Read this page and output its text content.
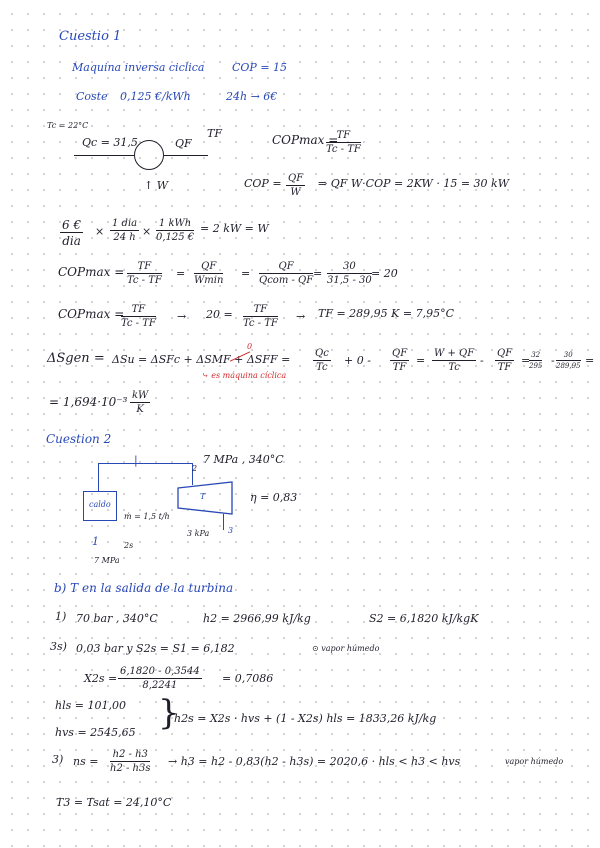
Cuestio 1
Maquina inversa ciclica	COP = 15
Coste 0,125 €/kWh	24h → 6€
Tc = 22°C
Qc = 31,5	QF
TF
↑ W
COPmax =
$\frac{TF}{Tc - TF}$
COP = $\frac{QF}{W}$ ⇒ QF W·COP = 2KW · 15 = 30 kW
6 €
dia
×
1 dia
24 h ×
1 kWh
0,125 €
= 2 kW = W
$COPmax = \frac{TF}{Tc - TF}$ =
QF
Wmin
=
QF
Qcom - QF
= $\frac{30}{31,5 - 30} = 20$
COPmax =
$\frac{TF}{Tc - TF} \to 20 = \frac{TF}{Tc - TF}$ → TF = 289,95 K = 7,95°C
ΔSgen = ΔSu = ΔSFc + ΔSMF + ΔSFF =
0
⤷ es máquina cíclica
$\frac{Qc}{Tc} + 0 - \frac{QF}{TF} = \frac{W + QF}{Tc} - \frac{QF}{TF}$ =
$\frac{32}{295} - \frac{30}{289,95}$ =
= $1,694\cdot 10^{-3} \frac{kW}{K}$
Cuestion 2
|
2
7 MPa , 340°C
caldo
T	η = 0,83
ṁ = 1,5 t/h
3 kPa 3
1	2s
7 MPa
b) T en la salida de la turbina
1) 70 bar , 340°C	h2 = 2966,99 kJ/kg	S2 = 6,1820 kJ/kgK
3s) 0,03 bar y S2s = S1 = 6,182	⊙ vapor húmedo
$X2s = \frac{6,1820 - 0,3544}{8,2241} = 0,7086$
hls = 101,00
hvs = 2545,65 }
h2s = X2s · hvs + (1 - X2s) hls = 1833,26 kJ/kg
3) ns = $\frac{h2 - h3}{h2 - h3s} \to h3 = h2 - 0,83(h2 - h3s) = 2020,6$ · hls < h3 < hvs	vapor húmedo
T3 = Tsat = 24,10°C
